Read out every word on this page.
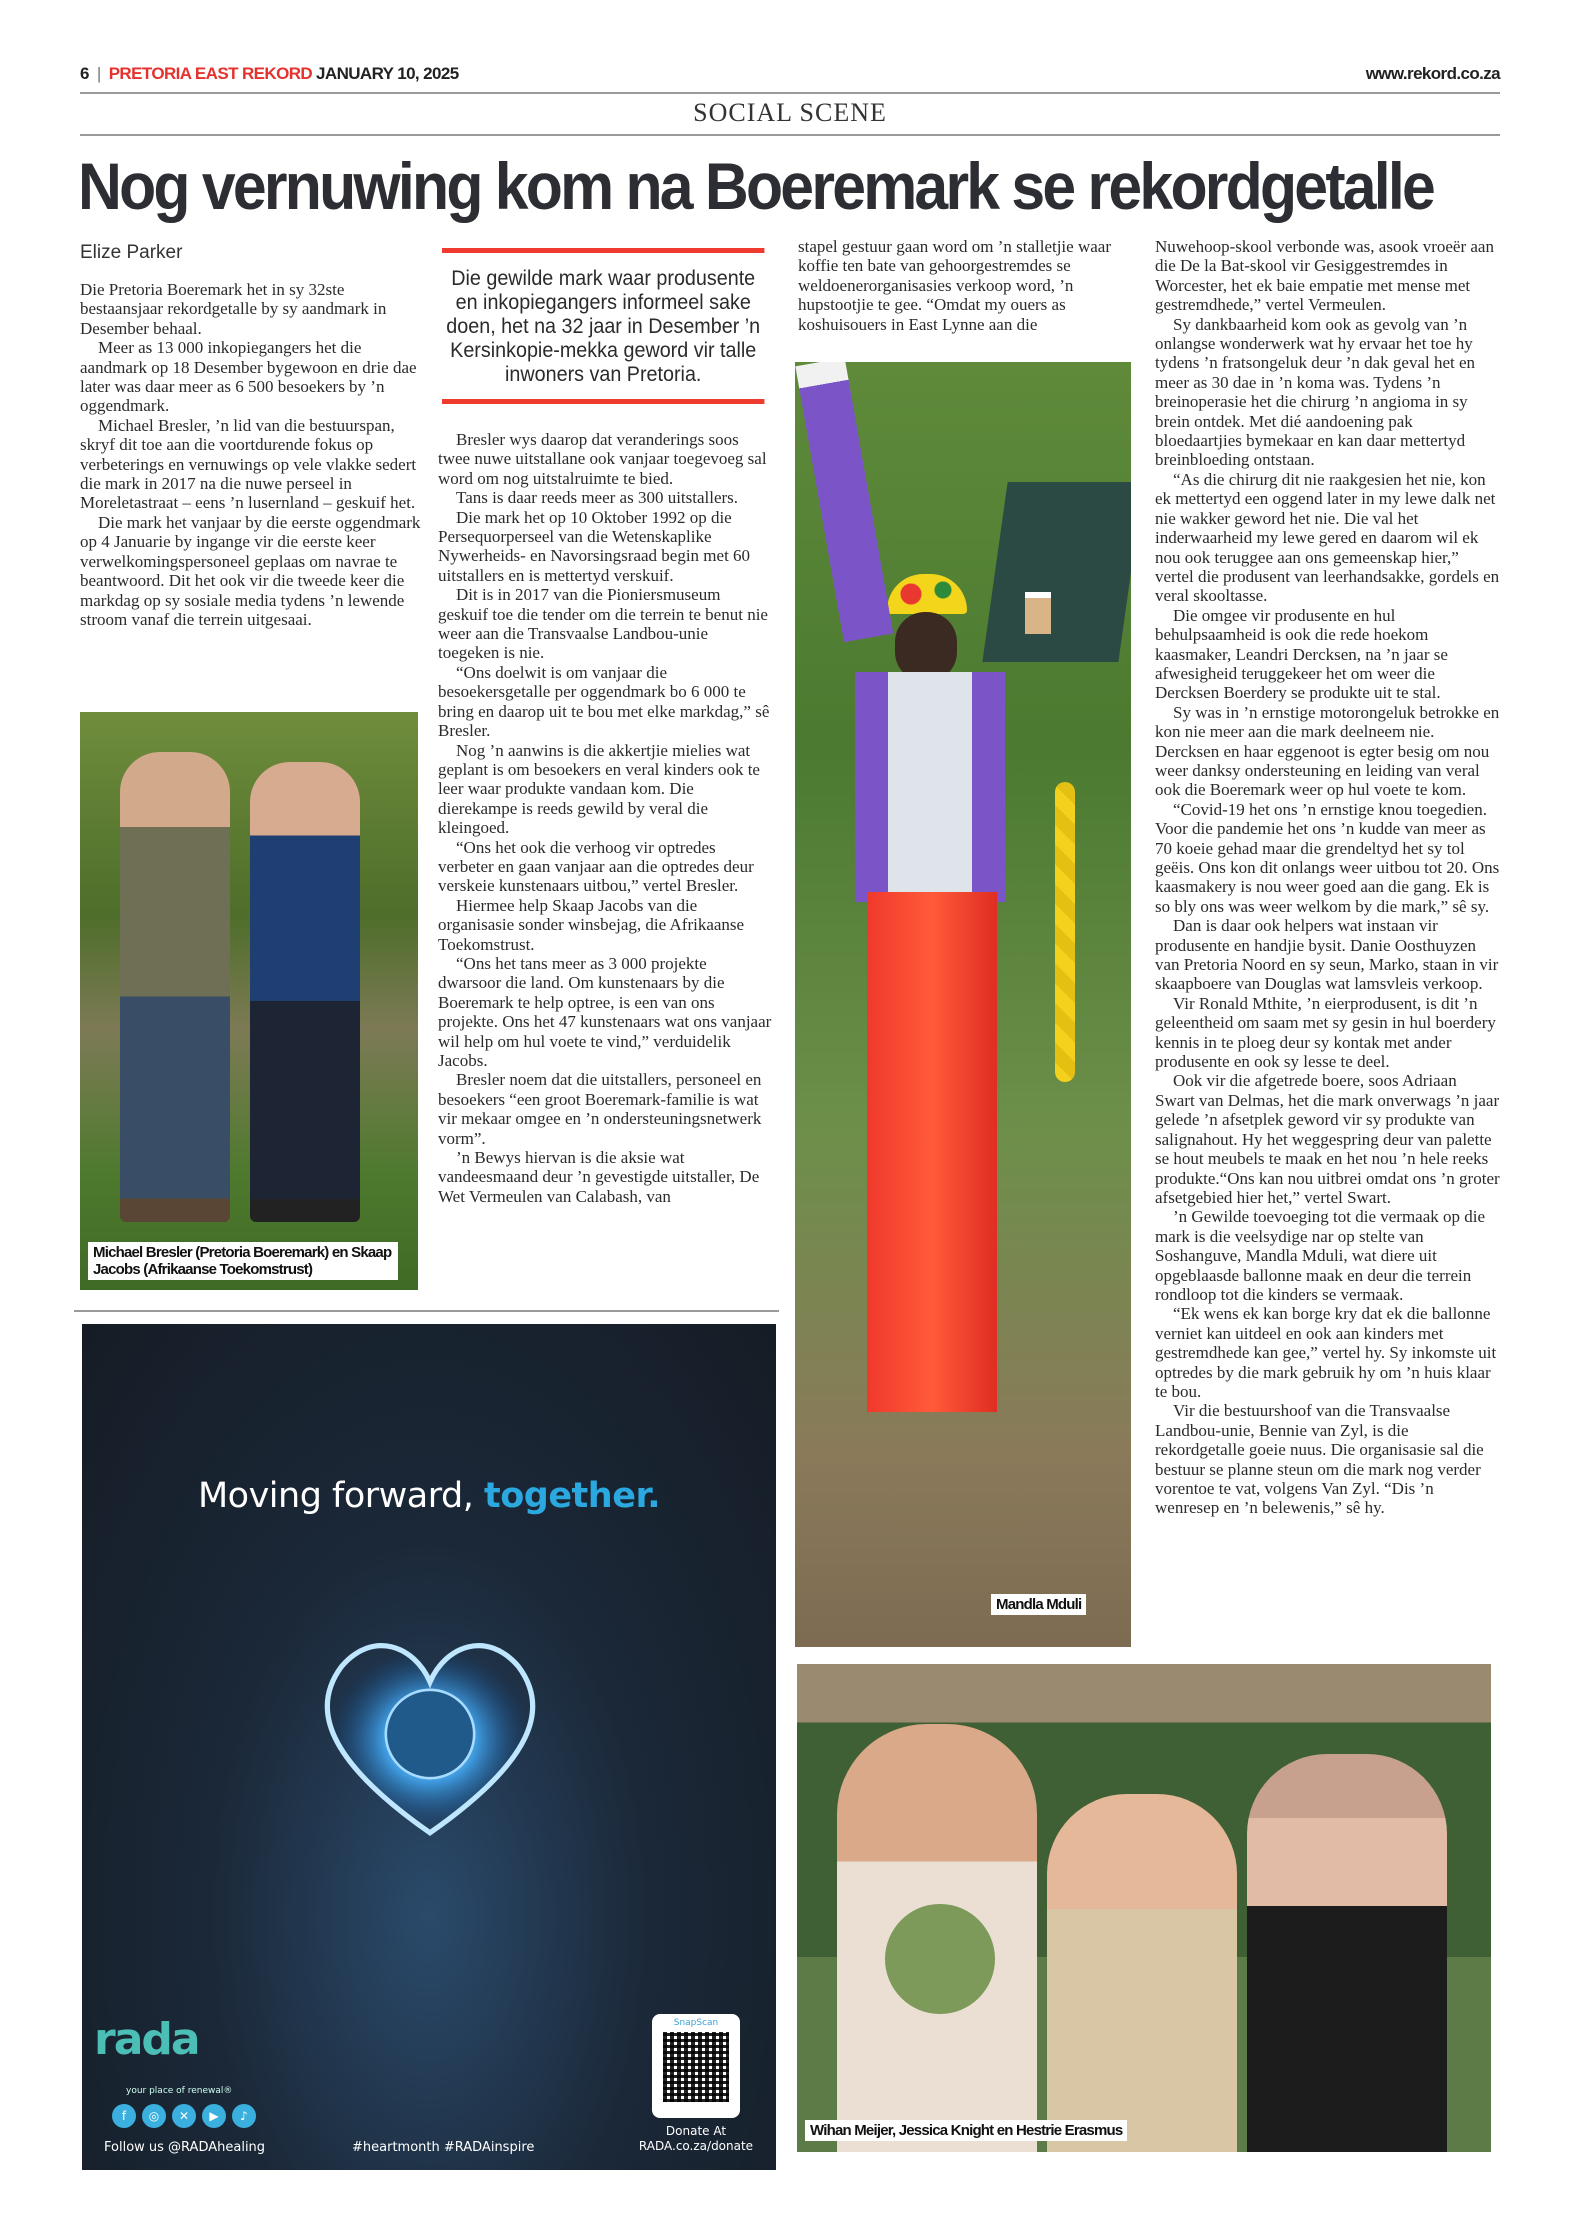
6 | PRETORIA EAST REKORD JANUARY 10, 2025	www.rekord.co.za
SOCIAL SCENE
Nog vernuwing kom na Boeremark se rekordgetalle
Elize Parker

Die Pretoria Boeremark het in sy 32ste bestaansjaar rekordgetalle by sy aandmark in Desember behaal.

Meer as 13 000 inkopiegangers het die aandmark op 18 Desember bygewoon en drie dae later was daar meer as 6 500 besoekers by ’n oggendmark.

Michael Bresler, ’n lid van die bestuurspan, skryf dit toe aan die voortdurende fokus op verbeterings en vernuwings op vele vlakke sedert die mark in 2017 na die nuwe perseel in Moreletastraat – eens ’n lusernland – geskuif het.

Die mark het vanjaar by die eerste oggendmark op 4 Januarie by ingange vir die eerste keer verwelkomingspersoneel geplaas om navrae te beantwoord. Dit het ook vir die tweede keer die markdag op sy sosiale media tydens ’n lewende stroom vanaf die terrein uitgesaai.

Michael Bresler (Pretoria Boeremark) en Skaap Jacobs (Afrikaanse Toekomstrust)
Die gewilde mark waar produsente en inkopiegangers informeel sake doen, het na 32 jaar in Desember ’n Kersinkopie-mekka geword vir talle inwoners van Pretoria.

Bresler wys daarop dat veranderings soos twee nuwe uitstallane ook vanjaar toegevoeg sal word om nog uitstalruimte te bied.

Tans is daar reeds meer as 300 uitstallers.

Die mark het op 10 Oktober 1992 op die Persequorperseel van die Wetenskaplike Nywerheids- en Navorsingsraad begin met 60 uitstallers en is mettertyd verskuif.

Dit is in 2017 van die Pioniersmuseum geskuif toe die tender om die terrein te benut nie weer aan die Transvaalse Landbou-unie toegeken is nie.

“Ons doelwit is om vanjaar die besoekersgetalle per oggendmark bo 6 000 te bring en daarop uit te bou met elke markdag,” sê Bresler.

Nog ’n aanwins is die akkertjie mielies wat geplant is om besoekers en veral kinders ook te leer waar produkte vandaan kom. Die dierekampe is reeds gewild by veral die kleingoed.

“Ons het ook die verhoog vir optredes verbeter en gaan vanjaar aan die optredes deur verskeie kunstenaars uitbou,” vertel Bresler.

Hiermee help Skaap Jacobs van die organisasie sonder winsbejag, die Afrikaanse Toekomstrust.

“Ons het tans meer as 3 000 projekte dwarsoor die land. Om kunstenaars by die Boeremark te help optree, is een van ons projekte. Ons het 47 kunstenaars wat ons vanjaar wil help om hul voete te vind,” verduidelik Jacobs.

Bresler noem dat die uitstallers, personeel en besoekers “een groot Boeremark-familie is wat vir mekaar omgee en ’n ondersteuningsnetwerk vorm”.

’n Bewys hiervan is die aksie wat vandeesmaand deur ’n gevestigde uitstaller, De Wet Vermeulen van Calabash, van

stapel gestuur gaan word om ’n stalletjie waar koffie ten bate van gehoorgestremdes se weldoenerorganisasies verkoop word, ’n hupstootjie te gee. “Omdat my ouers as koshuisouers in East Lynne aan die

Mandla Mduli

Nuwehoop-skool verbonde was, asook vroeër aan die De la Bat-skool vir Gesiggestremdes in Worcester, het ek baie empatie met mense met gestremdhede,” vertel Vermeulen.

Sy dankbaarheid kom ook as gevolg van ’n onlangse wonderwerk wat hy ervaar het toe hy tydens ’n fratsongeluk deur ’n dak geval het en meer as 30 dae in ’n koma was. Tydens ’n breinoperasie het die chirurg ’n angioma in sy brein ontdek. Met dié aandoening pak bloedaartjies bymekaar en kan daar mettertyd breinbloeding ontstaan.

“As die chirurg dit nie raakgesien het nie, kon ek mettertyd een oggend later in my lewe dalk net nie wakker geword het nie. Die val het inderwaarheid my lewe gered en daarom wil ek nou ook teruggee aan ons gemeenskap hier,” vertel die produsent van leerhandsakke, gordels en veral skooltasse.

Die omgee vir produsente en hul behulpsaamheid is ook die rede hoekom kaasmaker, Leandri Dercksen, na ’n jaar se afwesigheid teruggekeer het om weer die Dercksen Boerdery se produkte uit te stal.

Sy was in ’n ernstige motorongeluk betrokke en kon nie meer aan die mark deelneem nie. Dercksen en haar eggenoot is egter besig om nou weer danksy ondersteuning en leiding van veral ook die Boeremark weer op hul voete te kom.

“Covid-19 het ons ’n ernstige knou toegedien. Voor die pandemie het ons ’n kudde van meer as 70 koeie gehad maar die grendeltyd het sy tol geëis. Ons kon dit onlangs weer uitbou tot 20. Ons kaasmakery is nou weer goed aan die gang. Ek is so bly ons was weer welkom by die mark,” sê sy.

Dan is daar ook helpers wat instaan vir produsente en handjie bysit. Danie Oosthuyzen van Pretoria Noord en sy seun, Marko, staan in vir skaapboere van Douglas wat lamsvleis verkoop.

Vir Ronald Mthite, ’n eierprodusent, is dit ’n geleentheid om saam met sy gesin in hul boerdery kennis in te ploeg deur sy kontak met ander produsente en ook sy lesse te deel.

Ook vir die afgetrede boere, soos Adriaan Swart van Delmas, het die mark onverwags ’n jaar gelede ’n afsetplek geword vir sy produkte van salignahout. Hy het weggespring deur van palette se hout meubels te maak en het nou ’n hele reeks produkte.“Ons kan nou uitbrei omdat ons ’n groter afsetgebied hier het,” vertel Swart.

’n Gewilde toevoeging tot die vermaak op die mark is die veelsydige nar op stelte van Soshanguve, Mandla Mduli, wat diere uit opgeblaasde ballonne maak en deur die terrein rondloop tot die kinders se vermaak.

“Ek wens ek kan borge kry dat ek die ballonne verniet kan uitdeel en ook aan kinders met gestremdhede kan gee,” vertel hy. Sy inkomste uit optredes by die mark gebruik hy om ’n huis klaar te bou.

Vir die bestuurshoof van die Transvaalse Landbou-unie, Bennie van Zyl, is die rekordgetalle goeie nuus. Die organisasie sal die bestuur se planne steun om die mark nog verder vorentoe te vat, volgens Van Zyl. “Dis ’n wenresep en ’n belewenis,” sê hy.

Moving forward, together.
rada
your place of renewal®
f	◎	✕	▶	♪
Follow us @RADAhealing	#heartmonth #RADAinspire
SnapScan
Donate At
RADA.co.za/donate
Wihan Meijer, Jessica Knight en Hestrie Erasmus
